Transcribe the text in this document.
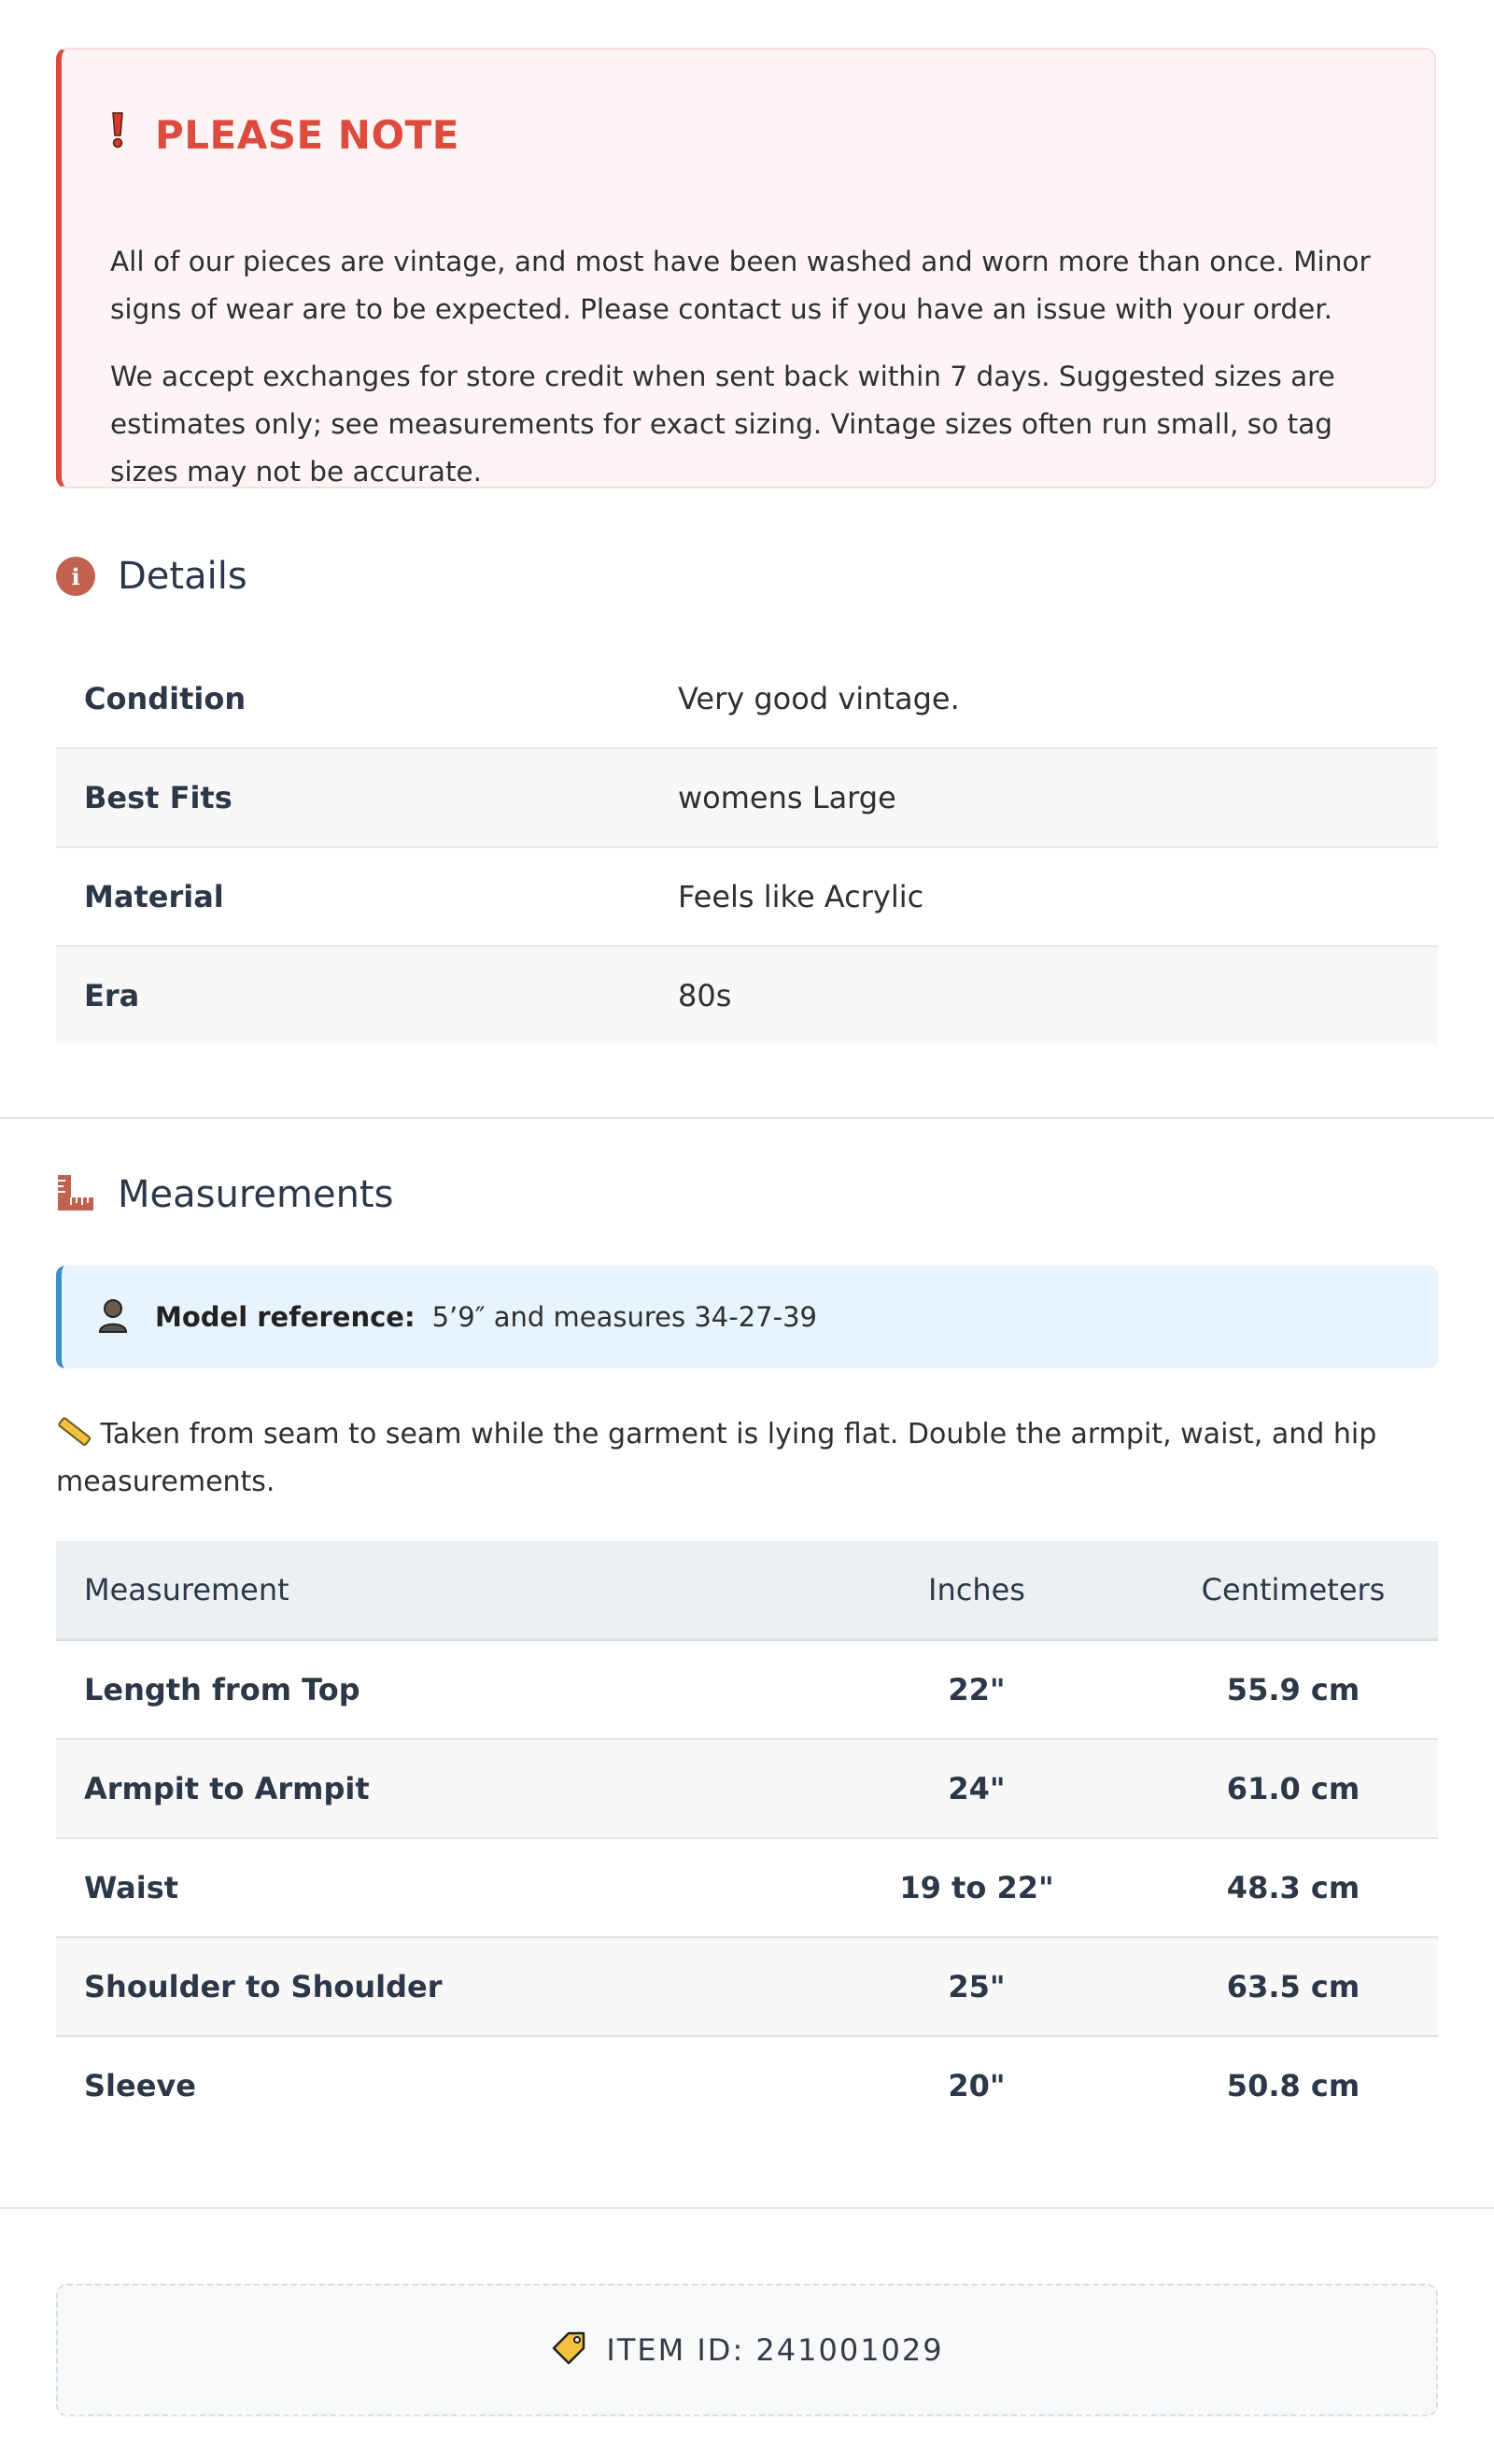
PLEASE NOTE

All of our pieces are vintage, and most have been washed and worn more than once. Minor signs of wear are to be expected. Please contact us if you have an issue with your order.

We accept exchanges for store credit when sent back within 7 days. Suggested sizes are estimates only; see measurements for exact sizing. Vintage sizes often run small, so tag sizes may not be accurate.

i	Details
Condition	Very good vintage.
Best Fits	womens Large
Material	Feels like Acrylic
Era	80s
Measurements
Model reference: 5’9″ and measures 34-27-39

Taken from seam to seam while the garment is lying flat. Double the armpit, waist, and hip measurements.

Measurement	Inches	Centimeters
Length from Top	22"	55.9 cm
Armpit to Armpit	24"	61.0 cm
Waist	19 to 22"	48.3 cm
Shoulder to Shoulder	25"	63.5 cm
Sleeve	20"	50.8 cm
ITEM ID: 241001029
